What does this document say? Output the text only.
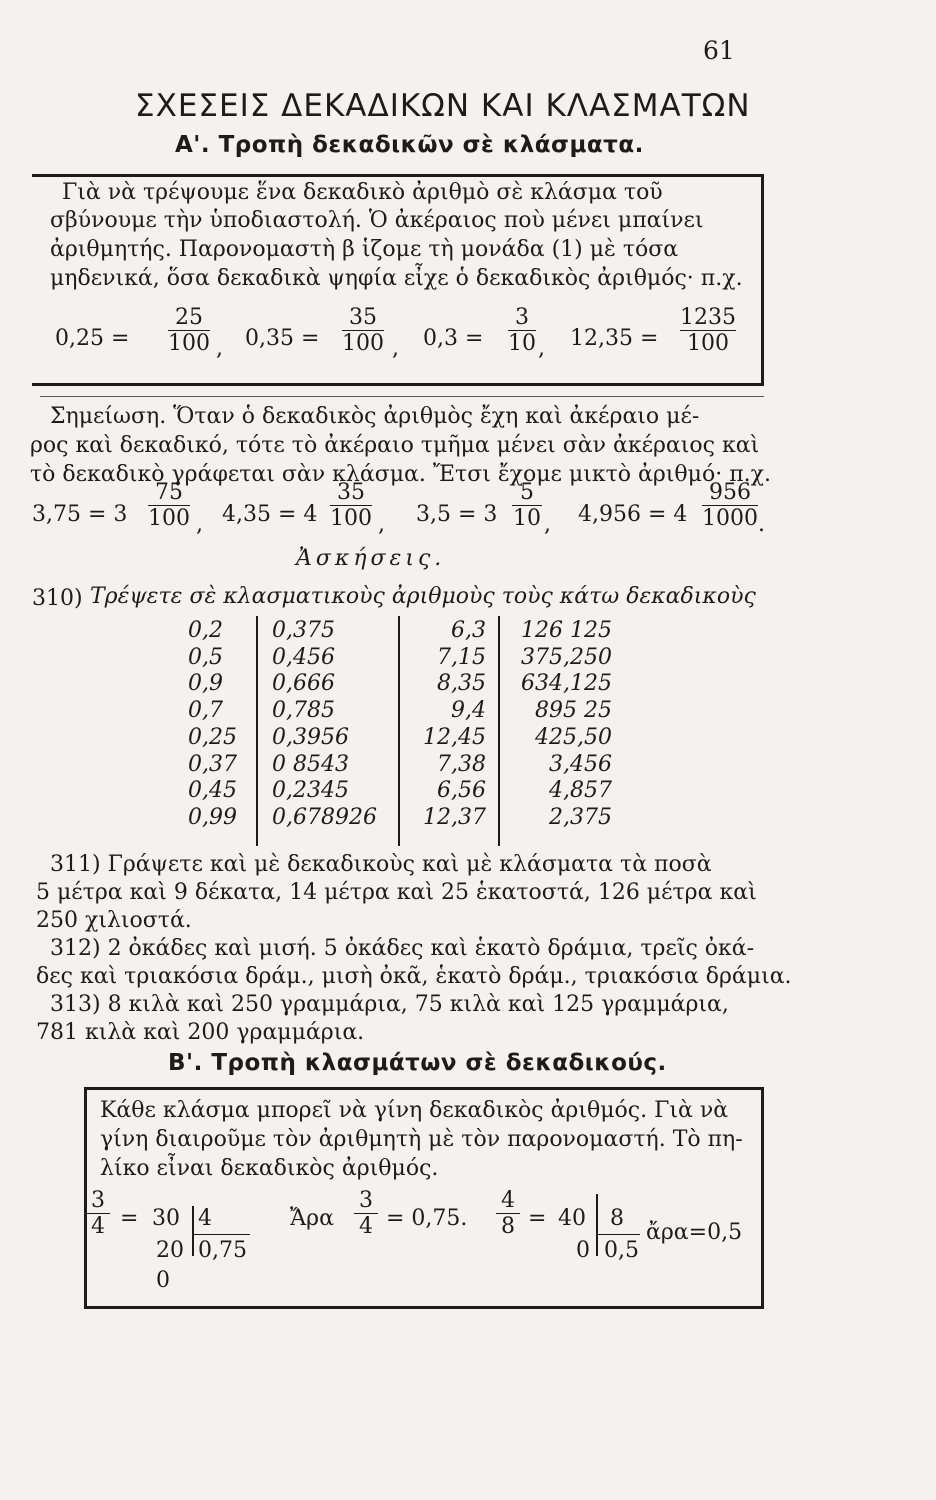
61
ΣΧΕΣΕΙΣ ΔΕΚΑΔΙΚΩΝ ΚΑΙ ΚΛΑΣΜΑΤΩΝ
Α'. Τροπὴ δεκαδικῶν σὲ κλάσματα.
Γιὰ νὰ τρέψουμε ἕνα δεκαδικὸ ἀριθμὸ σὲ κλάσμα τοῦ
σβύνουμε τὴν ὑποδιαστολή. Ὁ ἀκέραιος ποὺ μένει μπαίνει
ἀριθμητής. Παρονομαστὴ β ἱζομε τὴ μονάδα (1) μὲ τόσα
μηδενικά, ὅσα δεκαδικὰ ψηφία εἶχε ὁ δεκαδικὸς ἀριθμός· π.χ.
0,25 =
25
100 , 0,35 =
35
100 , 0,3 =
3
10 , 12,35 =
1235
100
Σημείωση. Ὅταν ὁ δεκαδικὸς ἀριθμὸς ἔχη καὶ ἀκέραιο μέ-
ρος καὶ δεκαδικό, τότε τὸ ἀκέραιο τμῆμα μένει σὰν ἀκέραιος καὶ
τὸ δεκαδικὸ γράφεται σὰν κλάσμα. Ἔτσι ἔχομε μικτὸ ἀριθμό· π.χ.
3,75 = 3
75
100 , 4,35 = 4
35
100 , 3,5 = 3
5
10 , 4,956 = 4
956
1000 .
Ἀσκήσεις.
310) Τρέψετε σὲ κλασματικοὺς ἀριθμοὺς τοὺς κάτω δεκαδικοὺς
0,2
0,5
0,9
0,7
0,25
0,37
0,45
0,99
0,375
0,456
0,666
0,785
0,3956
0 8543
0,2345
0,678926
6,3
7,15
8,35
9,4
12,45
7,38
6,56
12,37
126 125
375,250
634,125
895 25
425,50
3,456
4,857
2,375
311) Γράψετε καὶ μὲ δεκαδικοὺς καὶ μὲ κλάσματα τὰ ποσὰ
5 μέτρα καὶ 9 δέκατα, 14 μέτρα καὶ 25 ἑκατοστά, 126 μέτρα καὶ
250 χιλιοστά.
312) 2 ὀκάδες καὶ μισή. 5 ὀκάδες καὶ ἑκατὸ δράμια, τρεῖς ὀκά-
δες καὶ τριακόσια δράμ., μισὴ ὀκᾶ, ἑκατὸ δράμ., τριακόσια δράμια.
313) 8 κιλὰ καὶ 250 γραμμάρια, 75 κιλὰ καὶ 125 γραμμάρια,
781 κιλὰ καὶ 200 γραμμάρια.
Β'. Τροπὴ κλασμάτων σὲ δεκαδικούς.
Κάθε κλάσμα μπορεῖ νὰ γίνη δεκαδικὸς ἀριθμός. Γιὰ νὰ
γίνη διαιροῦμε τὸν ἀριθμητὴ μὲ τὸν παρονομαστή. Τὸ πη-
λίκο εἶναι δεκαδικὸς ἀριθμός.
3
4 = 30 4
20 0,75
0
Ἄρα
3
4 = 0,75.
4
8 = 40 8
0 0,5
ἄρα=0,5
